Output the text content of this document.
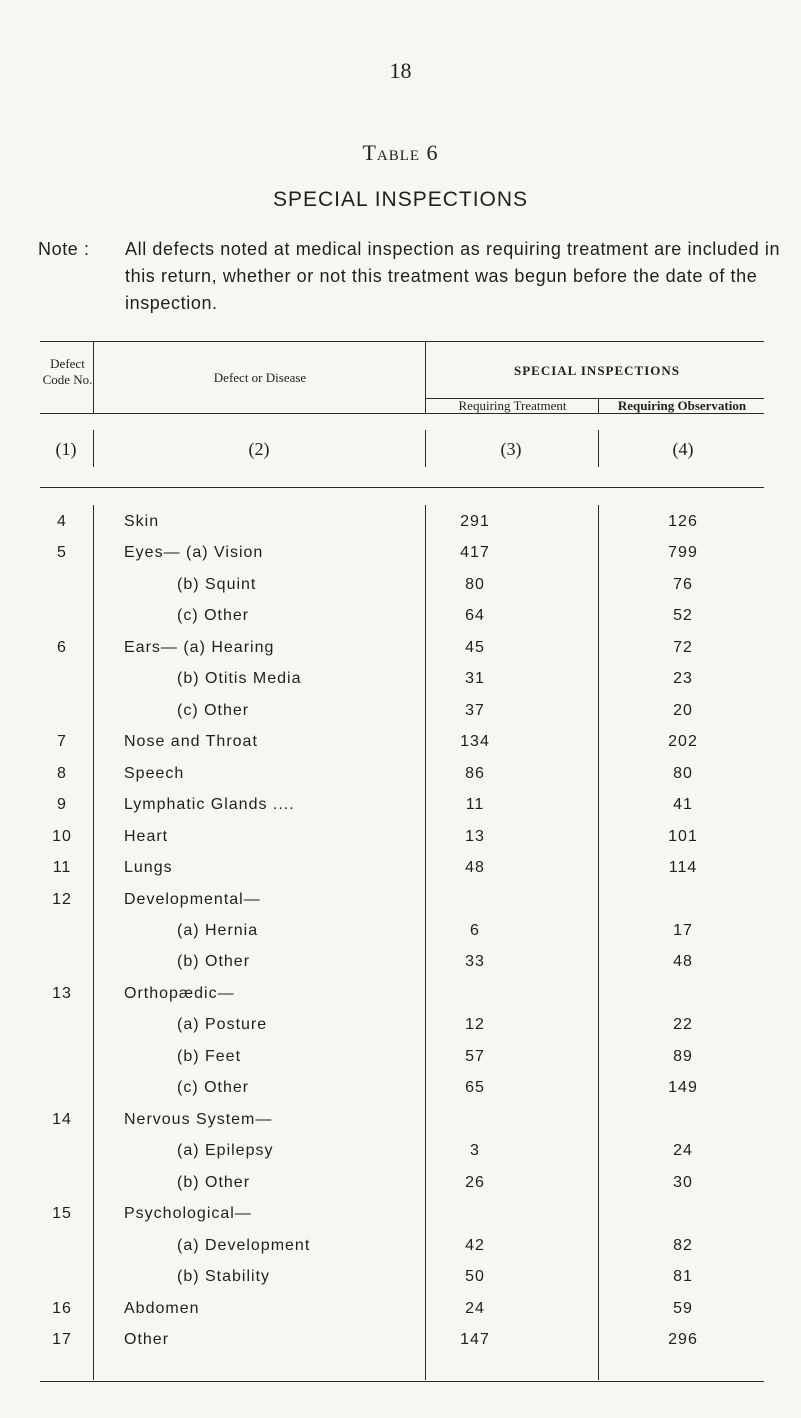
18
Table 6
SPECIAL INSPECTIONS
Note : All defects noted at medical inspection as requiring treatment are included in this return, whether or not this treatment was begun before the date of the inspection.
Defect Code No.	Defect or Disease	SPECIAL INSPECTIONS
Requiring Treatment	Requiring Observation
(1)	(2)	(3)	(4)
4	Skin	291	126
5	Eyes— (a) Vision	417	799
(b) Squint	80	76
(c) Other	64	52
6	Ears— (a) Hearing	45	72
(b) Otitis Media	31	23
(c) Other	37	20
7	Nose and Throat	134	202
8	Speech	86	80
9	Lymphatic Glands ....	11	41
10	Heart	13	101
11	Lungs	48	114
12	Developmental—
(a) Hernia	6	17
(b) Other	33	48
13	Orthopædic—
(a) Posture	12	22
(b) Feet	57	89
(c) Other	65	149
14	Nervous System—
(a) Epilepsy	3	24
(b) Other	26	30
15	Psychological—
(a) Development	42	82
(b) Stability	50	81
16	Abdomen	24	59
17	Other	147	296
